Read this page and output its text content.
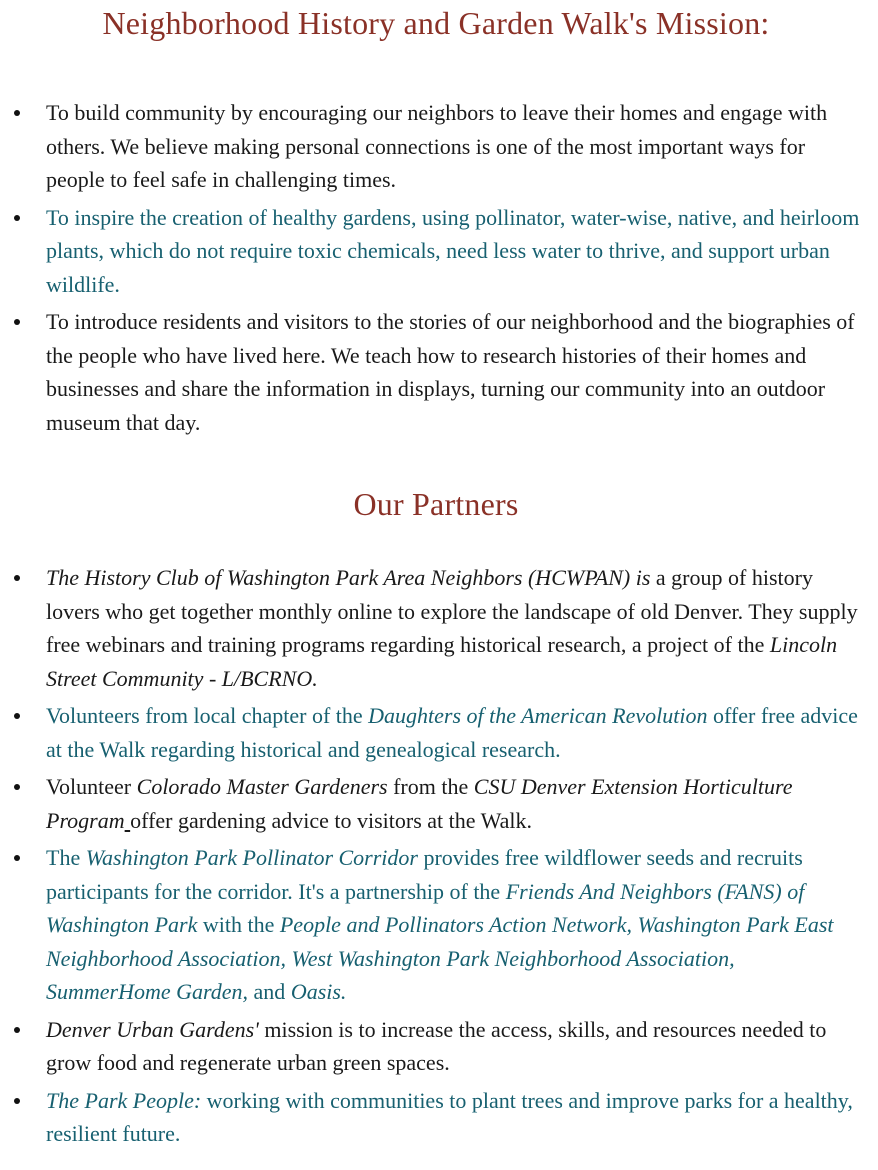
Neighborhood History and Garden Walk's Mission:
To build community by encouraging our neighbors to leave their homes and engage with others. We believe making personal connections is one of the most important ways for people to feel safe in challenging times.
To inspire the creation of healthy gardens, using pollinator, water-wise, native, and heirloom plants, which do not require toxic chemicals, need less water to thrive, and support urban wildlife.
To introduce residents and visitors to the stories of our neighborhood and the biographies of the people who have lived here. We teach how to research histories of their homes and businesses and share the information in displays, turning our community into an outdoor museum that day.
Our Partners
The History Club of Washington Park Area Neighbors (HCWPAN) is a group of history lovers who get together monthly online to explore the landscape of old Denver. They supply free webinars and training programs regarding historical research, a project of the Lincoln Street Community - L/BCRNO.
Volunteers from local chapter of the Daughters of the American Revolution offer free advice at the Walk regarding historical and genealogical research.
Volunteer Colorado Master Gardeners from the CSU Denver Extension Horticulture Program offer gardening advice to visitors at the Walk.
The Washington Park Pollinator Corridor provides free wildflower seeds and recruits participants for the corridor. It's a partnership of the Friends And Neighbors (FANS) of Washington Park with the People and Pollinators Action Network, Washington Park East Neighborhood Association, West Washington Park Neighborhood Association, SummerHome Garden, and Oasis.
Denver Urban Gardens' mission is to increase the access, skills, and resources needed to grow food and regenerate urban green spaces.
The Park People: working with communities to plant trees and improve parks for a healthy, resilient future.
